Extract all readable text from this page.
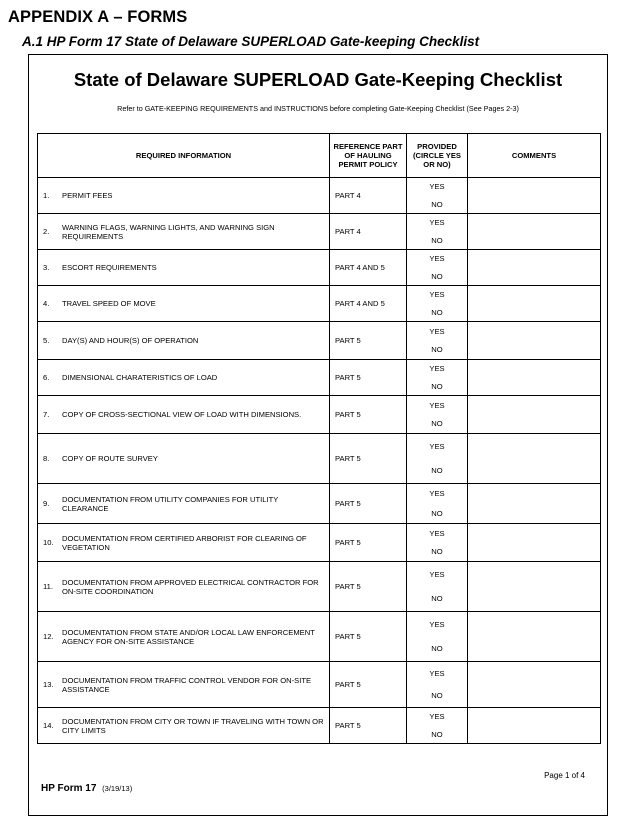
APPENDIX A – FORMS
A.1 HP Form 17 State of Delaware SUPERLOAD Gate-keeping Checklist
State of Delaware SUPERLOAD Gate-Keeping Checklist
Refer to GATE-KEEPING REQUIREMENTS and INSTRUCTIONS before completing Gate-Keeping Checklist (See Pages 2-3)
REQUIRED INFORMATION	REFERENCE PART OF HAULING PERMIT POLICY	PROVIDED (CIRCLE YES OR NO)	COMMENTS

1. PERMIT FEES	PART 4	YES
NO	

2. WARNING FLAGS, WARNING LIGHTS, AND WARNING SIGN REQUIREMENTS	PART 4	YES
NO	

3. ESCORT REQUIREMENTS	PART 4 AND 5	YES
NO	

4. TRAVEL SPEED OF MOVE	PART 4 AND 5	YES
NO	

5. DAY(S) AND HOUR(S) OF OPERATION	PART 5	YES
NO	

6. DIMENSIONAL CHARATERISTICS OF LOAD	PART 5	YES
NO	

7. COPY OF CROSS-SECTIONAL VIEW OF LOAD WITH DIMENSIONS.	PART 5	YES
NO	

8. COPY OF ROUTE SURVEY	PART 5	YES
NO	

9. DOCUMENTATION FROM UTILITY COMPANIES FOR UTILITY CLEARANCE	PART 5	YES
NO	

10. DOCUMENTATION FROM CERTIFIED ARBORIST FOR CLEARING OF VEGETATION	PART 5	YES
NO	

11. DOCUMENTATION FROM APPROVED ELECTRICAL CONTRACTOR FOR ON-SITE COORDINATION	PART 5	YES
NO	

12. DOCUMENTATION FROM STATE AND/OR LOCAL LAW ENFORCEMENT AGENCY FOR ON-SITE ASSISTANCE	PART 5	YES
NO	

13. DOCUMENTATION FROM TRAFFIC CONTROL VENDOR FOR ON-SITE ASSISTANCE	PART 5	YES
NO	

14. DOCUMENTATION FROM CITY OR TOWN IF TRAVELING WITH TOWN OR CITY LIMITS	PART 5	YES
NO	

HP Form 17 (3/19/13)
Page 1 of 4
